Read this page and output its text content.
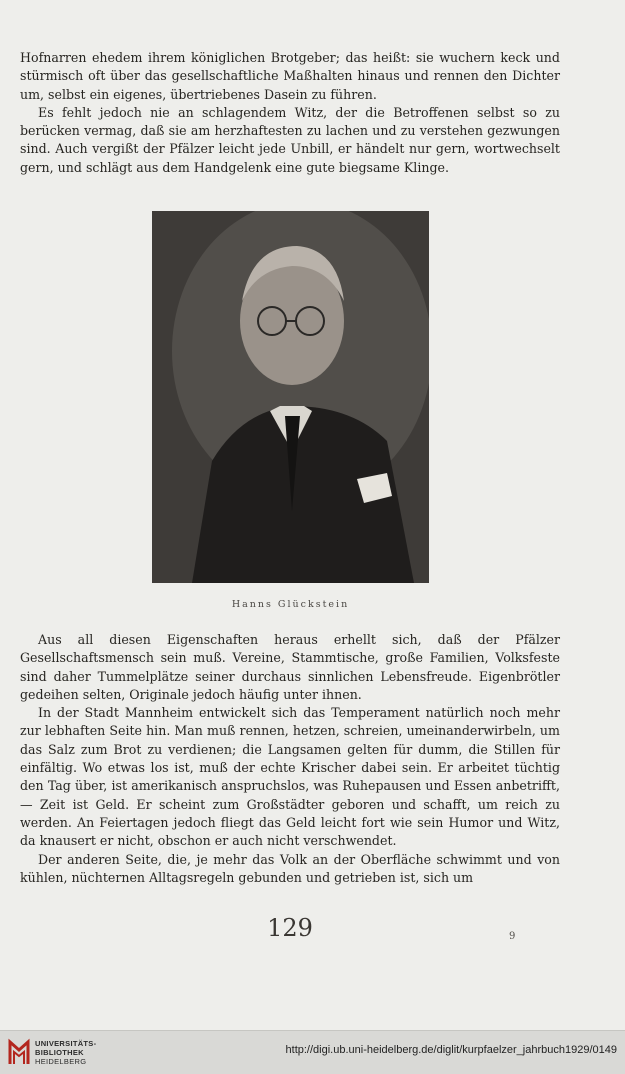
Hofnarren ehedem ihrem königlichen Brotgeber; das heißt: sie wuchern keck und stürmisch oft über das gesellschaftliche Maßhalten hinaus und rennen den Dichter um, selbst ein eigenes, übertriebenes Dasein zu führen.

Es fehlt jedoch nie an schlagendem Witz, der die Betroffenen selbst so zu berücken vermag, daß sie am herzhaftesten zu lachen und zu verstehen gezwungen sind. Auch vergißt der Pfälzer leicht jede Unbill, er händelt nur gern, wortwechselt gern, und schlägt aus dem Handgelenk eine gute biegsame Klinge.

Hanns Glückstein

Aus all diesen Eigenschaften heraus erhellt sich, daß der Pfälzer Gesellschaftsmensch sein muß. Vereine, Stammtische, große Familien, Volksfeste sind daher Tummelplätze seiner durchaus sinnlichen Lebensfreude. Eigenbrötler gedeihen selten, Originale jedoch häufig unter ihnen.

In der Stadt Mannheim entwickelt sich das Temperament natürlich noch mehr zur lebhaften Seite hin. Man muß rennen, hetzen, schreien, umeinanderwirbeln, um das Salz zum Brot zu verdienen; die Langsamen gelten für dumm, die Stillen für einfältig. Wo etwas los ist, muß der echte Krischer dabei sein. Er arbeitet tüchtig den Tag über, ist amerikanisch anspruchslos, was Ruhepausen und Essen anbetrifft, — Zeit ist Geld. Er scheint zum Großstädter geboren und schafft, um reich zu werden. An Feiertagen jedoch fliegt das Geld leicht fort wie sein Humor und Witz, da knausert er nicht, obschon er auch nicht verschwendet.

Der anderen Seite, die, je mehr das Volk an der Oberfläche schwimmt und von kühlen, nüchternen Alltagsregeln gebunden und getrieben ist, sich um

129	9
UNIVERSITÄTS-
BIBLIOTHEK
HEIDELBERG
http://digi.ub.uni-heidelberg.de/diglit/kurpfaelzer_jahrbuch1929/0149
